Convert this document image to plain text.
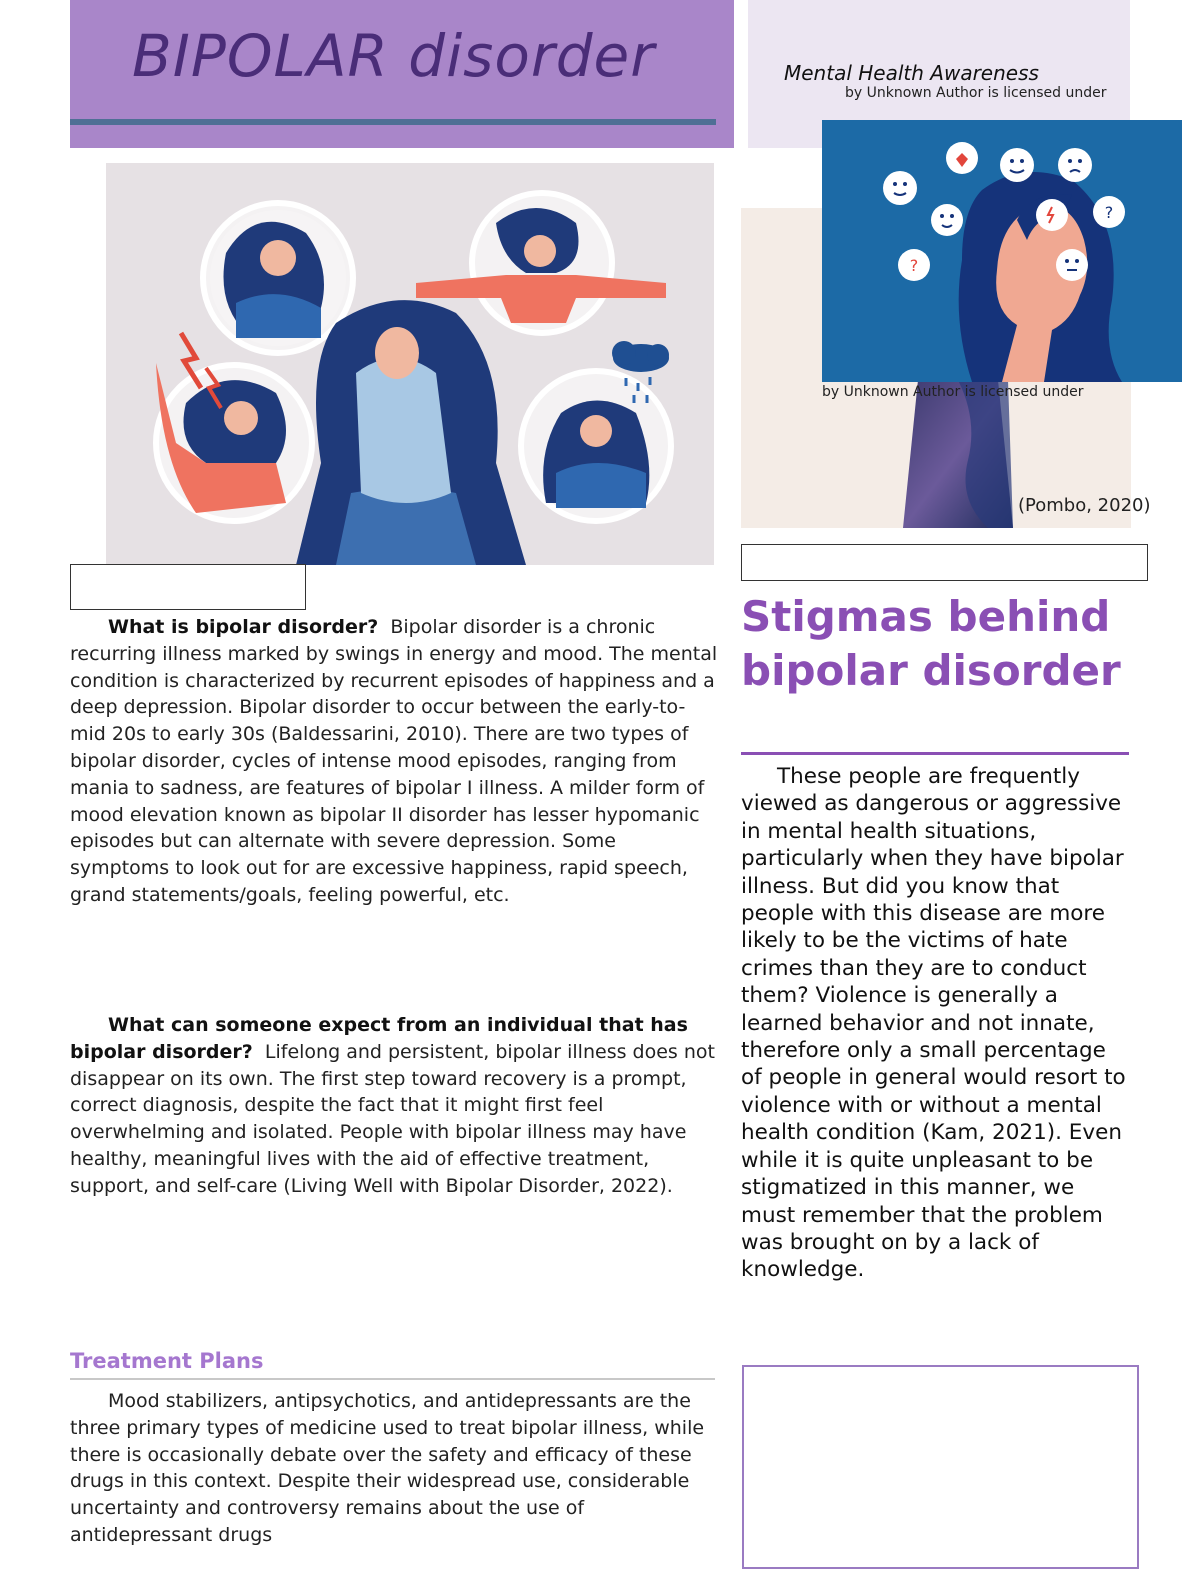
BIPOLAR disorder	Mental Health Awareness
by Unknown Author is licensed under
?
?
by Unknown Author is licensed under
(Pombo, 2020)

What is bipolar disorder? Bipolar disorder is a chronic recurring illness marked by swings in energy and mood. The mental condition is characterized by recurrent episodes of happiness and a deep depression. Bipolar disorder to occur between the early-to-mid 20s to early 30s (Baldessarini, 2010). There are two types of bipolar disorder, cycles of intense mood episodes, ranging from mania to sadness, are features of bipolar I illness. A milder form of mood elevation known as bipolar II disorder has lesser hypomanic episodes but can alternate with severe depression. Some symptoms to look out for are excessive happiness, rapid speech, grand statements/goals, feeling powerful, etc.

What can someone expect from an individual that has bipolar disorder? Lifelong and persistent, bipolar illness does not disappear on its own. The first step toward recovery is a prompt, correct diagnosis, despite the fact that it might first feel overwhelming and isolated. People with bipolar illness may have healthy, meaningful lives with the aid of effective treatment, support, and self-care (Living Well with Bipolar Disorder, 2022).

Stigmas behind bipolar disorder

These people are frequently viewed as dangerous or aggressive in mental health situations, particularly when they have bipolar illness. But did you know that people with this disease are more likely to be the victims of hate crimes than they are to conduct them? Violence is generally a learned behavior and not innate, therefore only a small percentage of people in general would resort to violence with or without a mental health condition (Kam, 2021). Even while it is quite unpleasant to be stigmatized in this manner, we must remember that the problem was brought on by a lack of knowledge.

Treatment Plans

Mood stabilizers, antipsychotics, and antidepressants are the three primary types of medicine used to treat bipolar illness, while there is occasionally debate over the safety and efficacy of these drugs in this context. Despite their widespread use, considerable uncertainty and controversy remains about the use of antidepressant drugs
